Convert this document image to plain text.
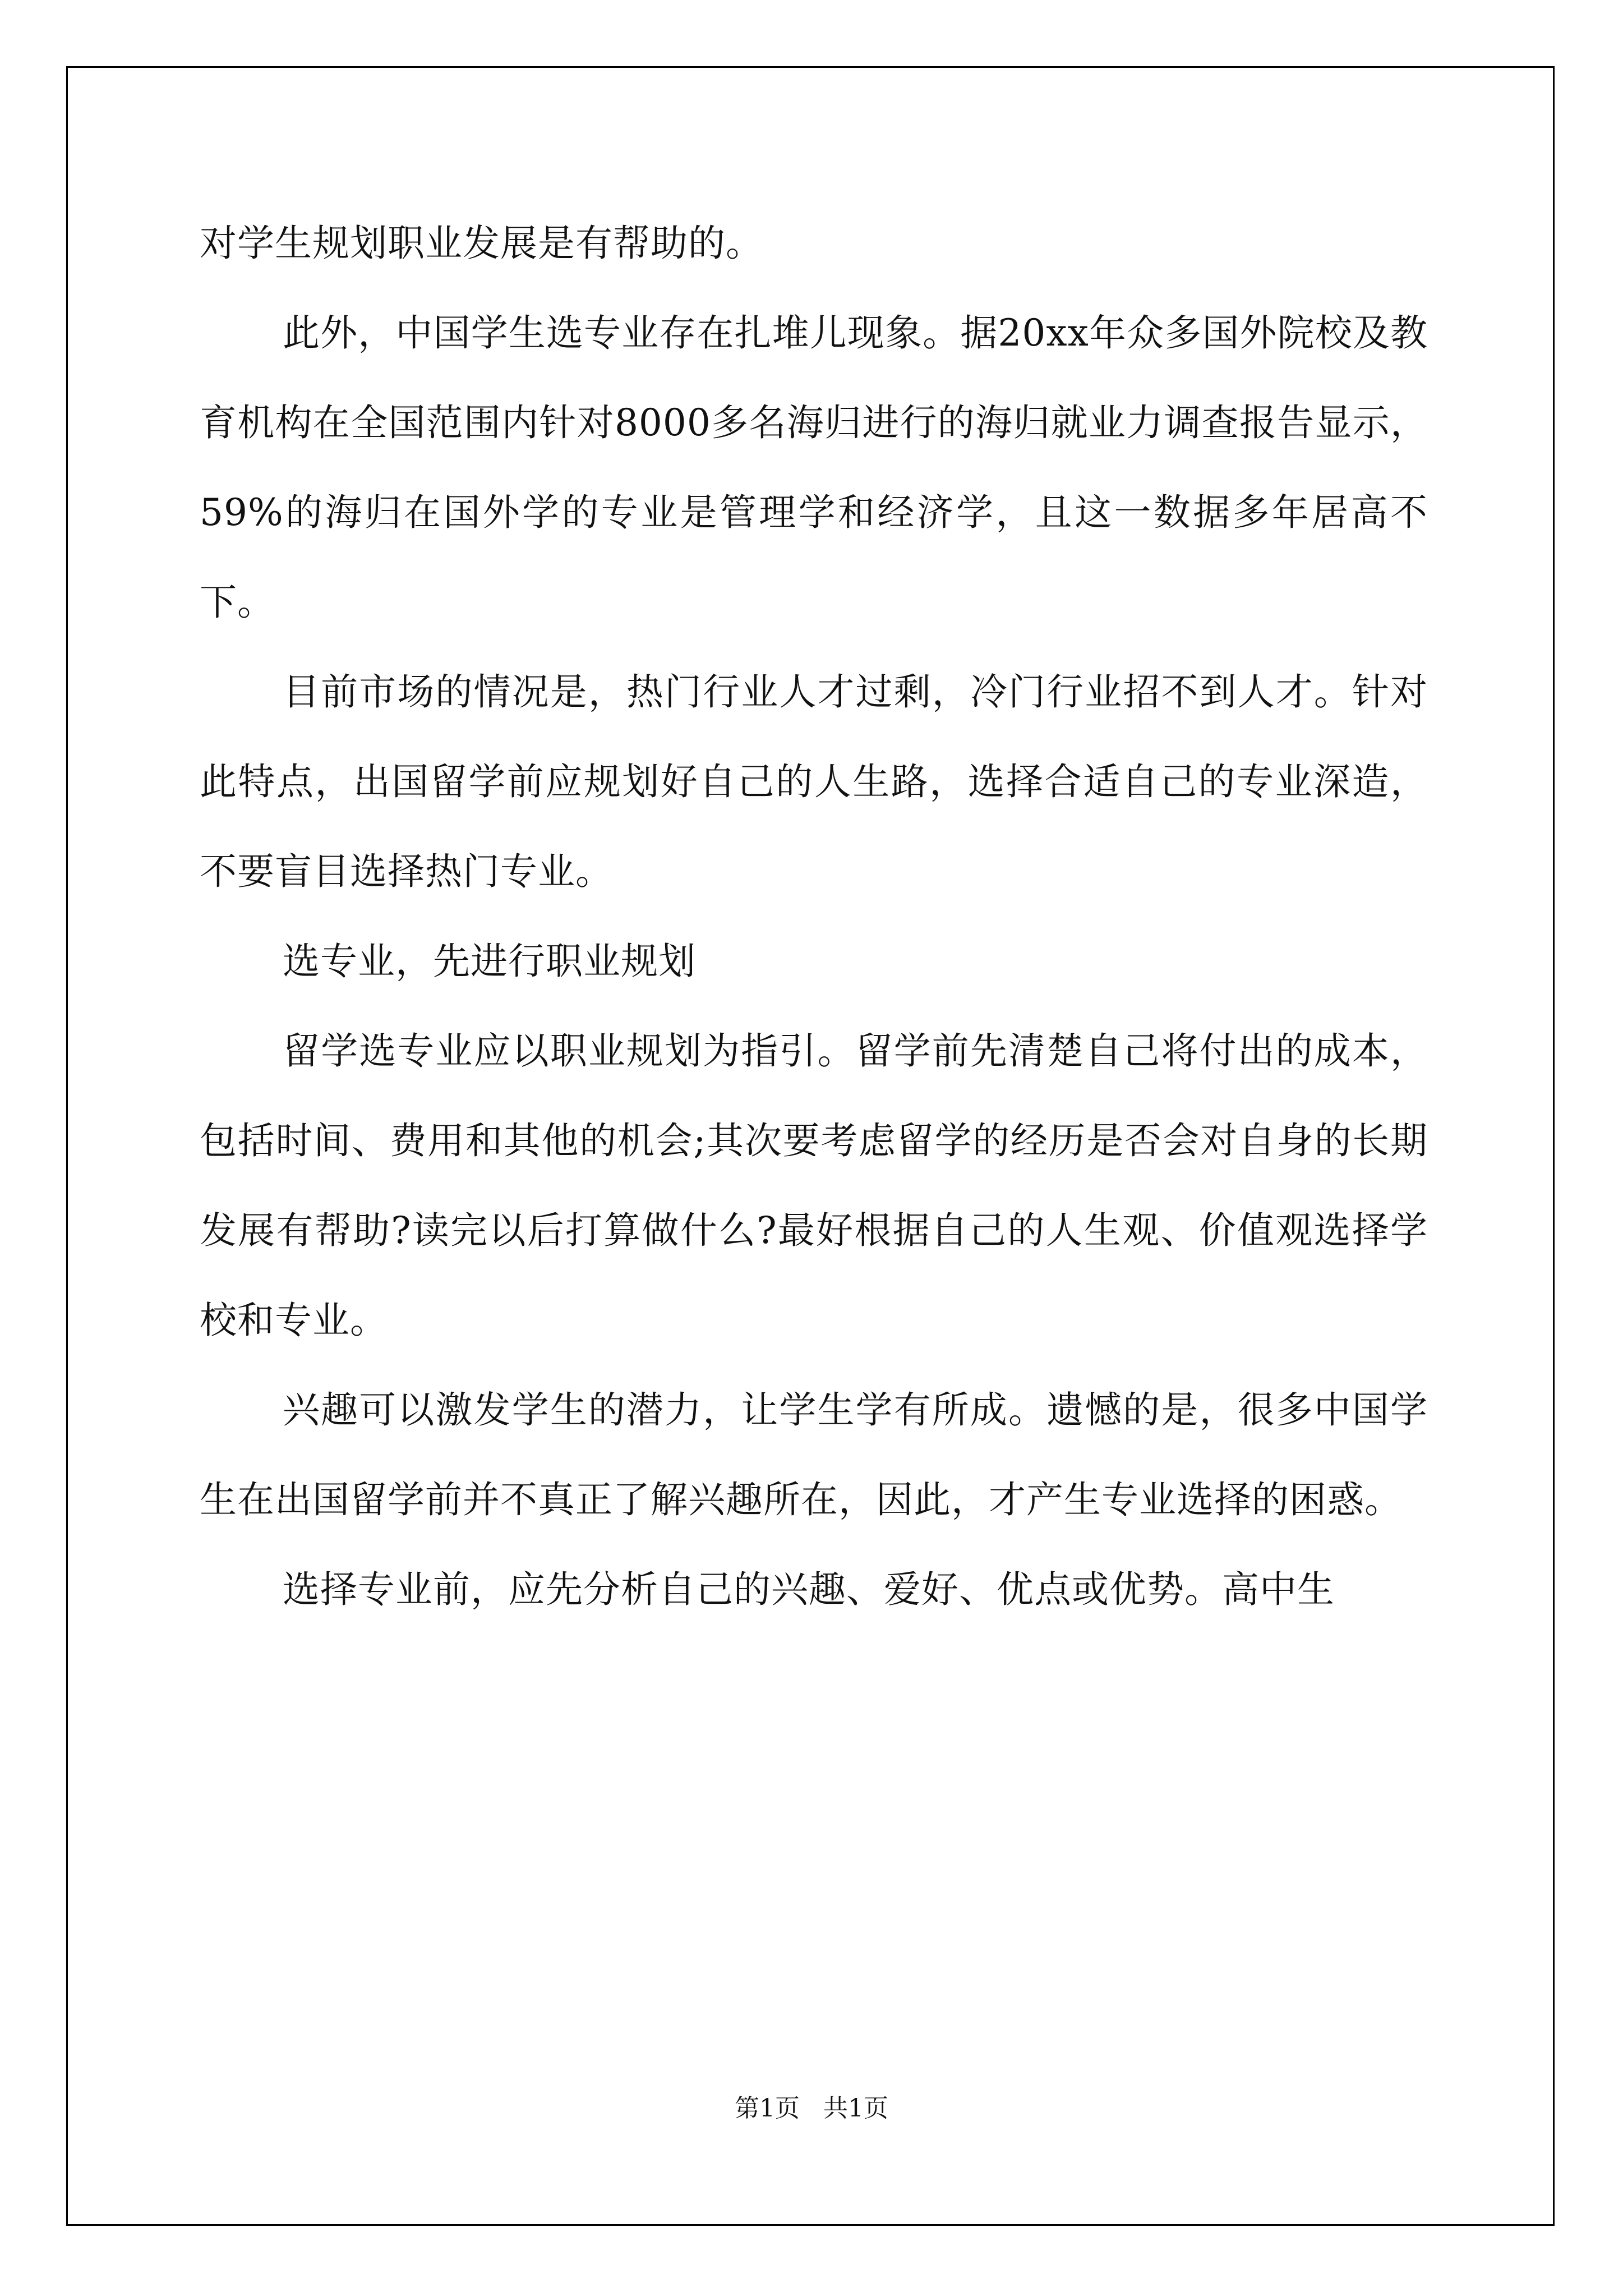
对学生规划职业发展是有帮助的。

此外，中国学生选专业存在扎堆儿现象。据20xx年众多国外院校及教育机构在全国范围内针对8000多名海归进行的海归就业力调查报告显示，59%的海归在国外学的专业是管理学和经济学，且这一数据多年居高不下。

目前市场的情况是，热门行业人才过剩，冷门行业招不到人才。针对此特点，出国留学前应规划好自己的人生路，选择合适自己的专业深造，不要盲目选择热门专业。

选专业，先进行职业规划

留学选专业应以职业规划为指引。留学前先清楚自己将付出的成本，包括时间、费用和其他的机会;其次要考虑留学的经历是否会对自身的长期发展有帮助?读完以后打算做什么?最好根据自己的人生观、价值观选择学校和专业。

兴趣可以激发学生的潜力，让学生学有所成。遗憾的是，很多中国学生在出国留学前并不真正了解兴趣所在，因此，才产生专业选择的困惑。

选择专业前，应先分析自己的兴趣、爱好、优点或优势。高中生

第1页   共1页
